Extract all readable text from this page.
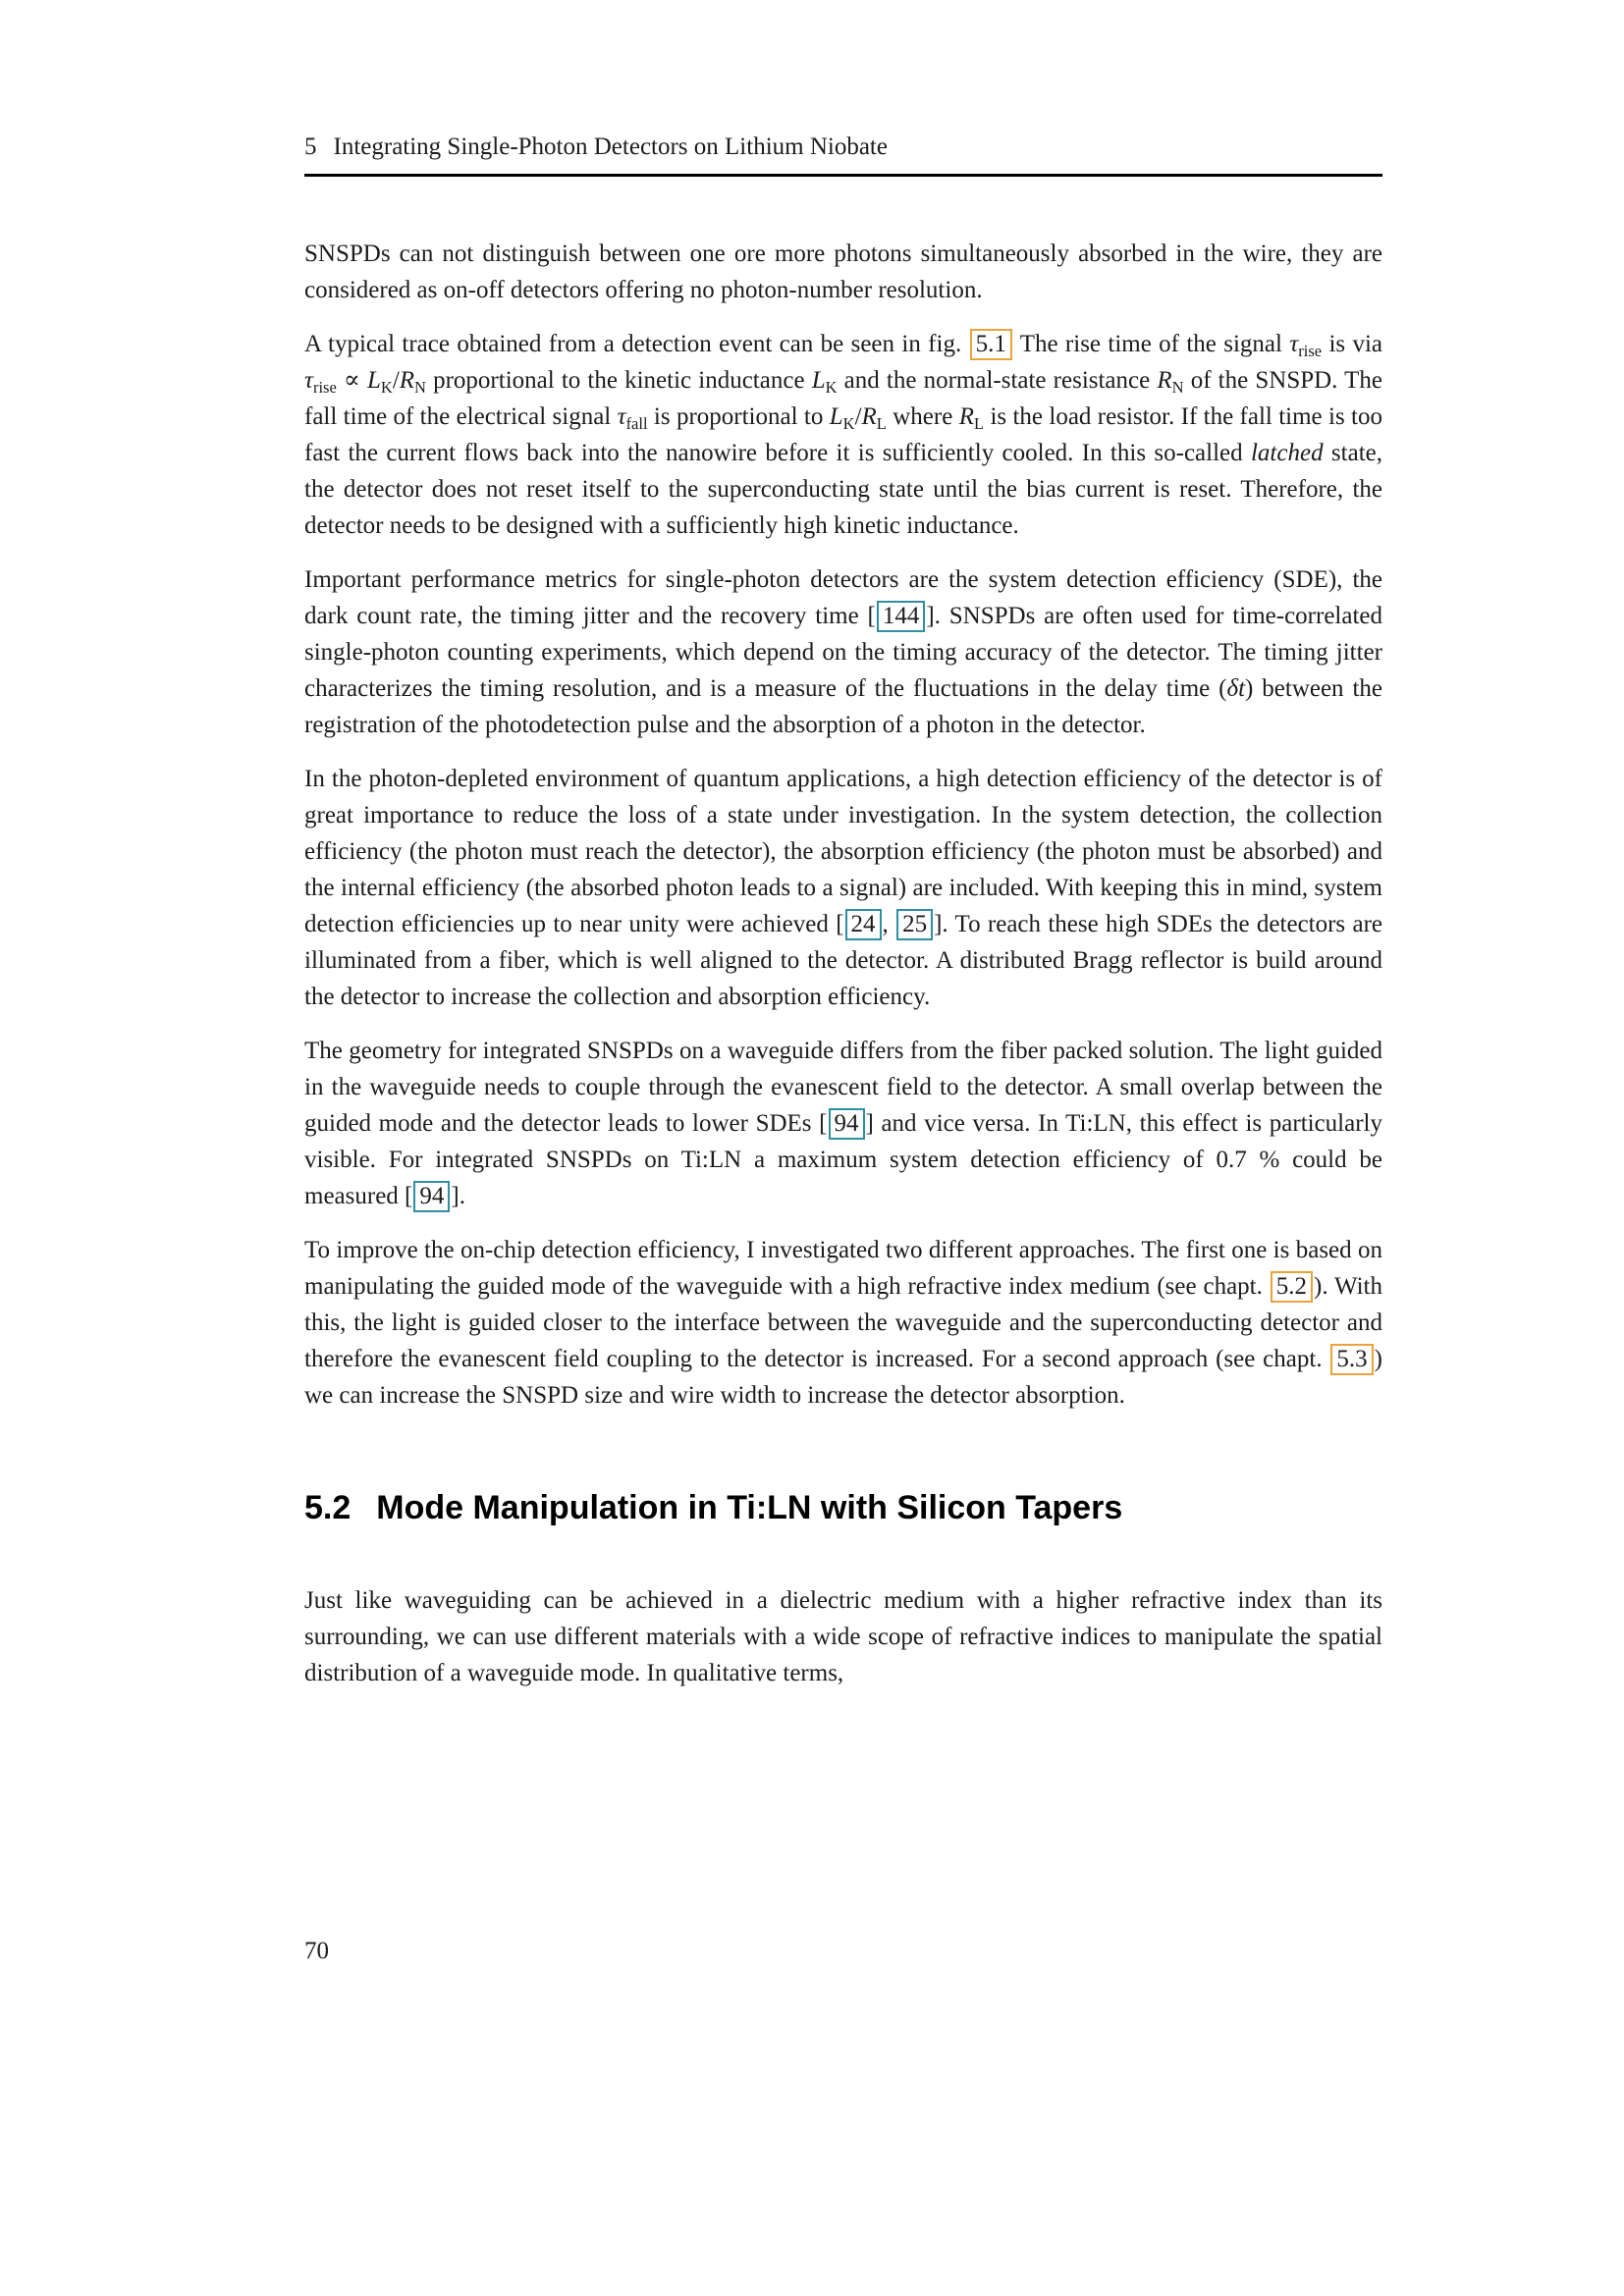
5 Integrating Single-Photon Detectors on Lithium Niobate

SNSPDs can not distinguish between one ore more photons simultaneously absorbed in the wire, they are considered as on-off detectors offering no photon-number resolution.

A typical trace obtained from a detection event can be seen in fig. 5.1 The rise time of the signal $\tau_{rise}$ is via $\tau_{rise} \propto L_K/R_N$ proportional to the kinetic inductance $L_K$ and the normal-state resistance $R_N$ of the SNSPD. The fall time of the electrical signal $\tau_{fall}$ is proportional to $L_K/R_L$ where $R_L$ is the load resistor. If the fall time is too fast the current flows back into the nanowire before it is sufficiently cooled. In this so-called latched state, the detector does not reset itself to the superconducting state until the bias current is reset. Therefore, the detector needs to be designed with a sufficiently high kinetic inductance.

Important performance metrics for single-photon detectors are the system detection efficiency (SDE), the dark count rate, the timing jitter and the recovery time [ 144 ]. SNSPDs are often used for time-correlated single-photon counting experiments, which depend on the timing accuracy of the detector. The timing jitter characterizes the timing resolution, and is a measure of the fluctuations in the delay time (δt) between the registration of the photodetection pulse and the absorption of a photon in the detector.

In the photon-depleted environment of quantum applications, a high detection efficiency of the detector is of great importance to reduce the loss of a state under investigation. In the system detection, the collection efficiency (the photon must reach the detector), the absorption efficiency (the photon must be absorbed) and the internal efficiency (the absorbed photon leads to a signal) are included. With keeping this in mind, system detection efficiencies up to near unity were achieved [ 24 , 25 ]. To reach these high SDEs the detectors are illuminated from a fiber, which is well aligned to the detector. A distributed Bragg reflector is build around the detector to increase the collection and absorption efficiency.

The geometry for integrated SNSPDs on a waveguide differs from the fiber packed solution. The light guided in the waveguide needs to couple through the evanescent field to the detector. A small overlap between the guided mode and the detector leads to lower SDEs [ 94 ] and vice versa. In Ti:LN, this effect is particularly visible. For integrated SNSPDs on Ti:LN a maximum system detection efficiency of 0.7 % could be measured [ 94 ].

To improve the on-chip detection efficiency, I investigated two different approaches. The first one is based on manipulating the guided mode of the waveguide with a high refractive index medium (see chapt. 5.2 ). With this, the light is guided closer to the interface between the waveguide and the superconducting detector and therefore the evanescent field coupling to the detector is increased. For a second approach (see chapt. 5.3 ) we can increase the SNSPD size and wire width to increase the detector absorption.

5.2 Mode Manipulation in Ti:LN with Silicon Tapers

Just like waveguiding can be achieved in a dielectric medium with a higher refractive index than its surrounding, we can use different materials with a wide scope of refractive indices to manipulate the spatial distribution of a waveguide mode. In qualitative terms,

70
